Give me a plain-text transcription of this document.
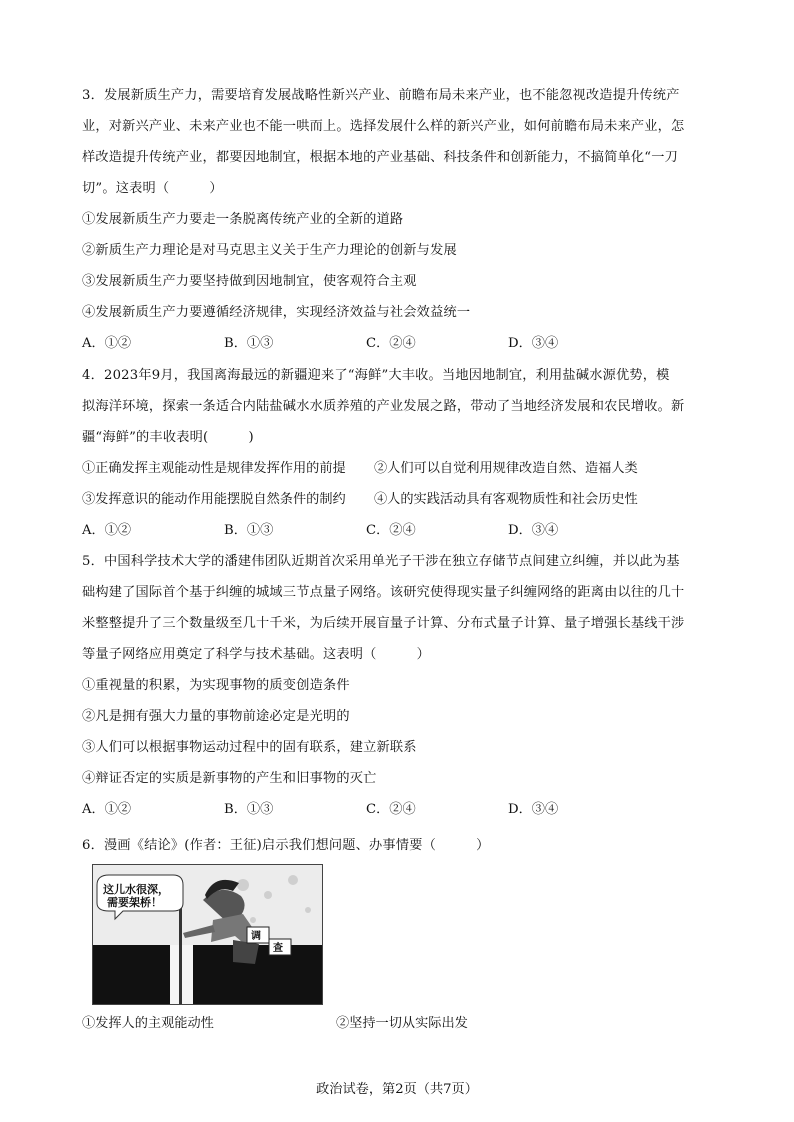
3．发展新质生产力，需要培育发展战略性新兴产业、前瞻布局未来产业，也不能忽视改造提升传统产
业，对新兴产业、未来产业也不能一哄而上。选择发展什么样的新兴产业，如何前瞻布局未来产业，怎
样改造提升传统产业，都要因地制宜，根据本地的产业基础、科技条件和创新能力，不搞简单化“一刀
切”。这表明（　　　）
①发展新质生产力要走一条脱离传统产业的全新的道路
②新质生产力理论是对马克思主义关于生产力理论的创新与发展
③发展新质生产力要坚持做到因地制宜，使客观符合主观
④发展新质生产力要遵循经济规律，实现经济效益与社会效益统一
A．①②	B．①③	C．②④	D．③④
4．2023年9月，我国离海最远的新疆迎来了“海鲜”大丰收。当地因地制宜，利用盐碱水源优势，模
拟海洋环境，探索一条适合内陆盐碱水水质养殖的产业发展之路，带动了当地经济发展和农民增收。新
疆“海鲜”的丰收表明(　　　)
①正确发挥主观能动性是规律发挥作用的前提	②人们可以自觉利用规律改造自然、造福人类
③发挥意识的能动作用能摆脱自然条件的制约	④人的实践活动具有客观物质性和社会历史性
A．①②	B．①③	C．②④	D．③④
5．中国科学技术大学的潘建伟团队近期首次采用单光子干涉在独立存储节点间建立纠缠，并以此为基
础构建了国际首个基于纠缠的城域三节点量子网络。该研究使得现实量子纠缠网络的距离由以往的几十
米整整提升了三个数量级至几十千米，为后续开展盲量子计算、分布式量子计算、量子增强长基线干涉
等量子网络应用奠定了科学与技术基础。这表明（　　　）
①重视量的积累，为实现事物的质变创造条件
②凡是拥有强大力量的事物前途必定是光明的
③人们可以根据事物运动过程中的固有联系，建立新联系
④辩证否定的实质是新事物的产生和旧事物的灭亡
A．①②	B．①③	C．②④	D．③④
6．漫画《结论》(作者：王征)启示我们想问题、办事情要（　　　）
这儿水很深，
需要架桥！
调
查
①发挥人的主观能动性	②坚持一切从实际出发
政治试卷，第2页（共7页）
